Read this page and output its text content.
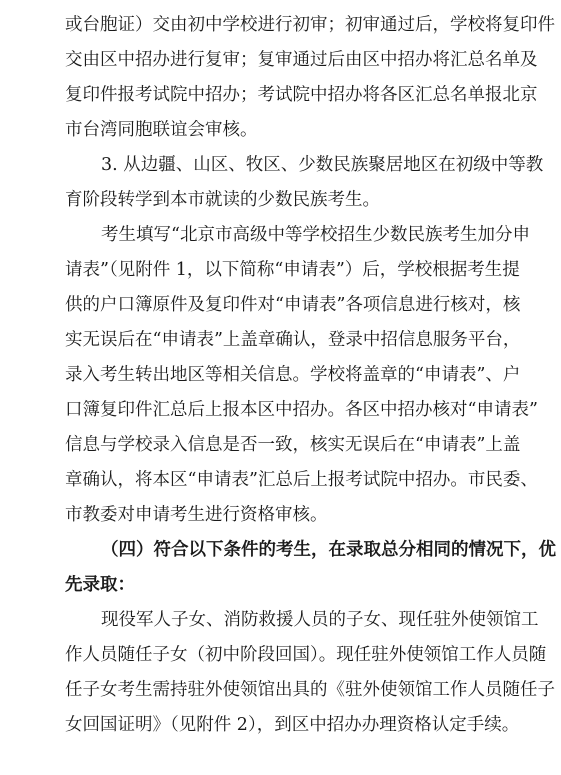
或台胞证）交由初中学校进行初审；初审通过后，学校将复印件
交由区中招办进行复审；复审通过后由区中招办将汇总名单及
复印件报考试院中招办；考试院中招办将各区汇总名单报北京
市台湾同胞联谊会审核。
3. 从边疆、山区、牧区、少数民族聚居地区在初级中等教
育阶段转学到本市就读的少数民族考生。
考生填写“北京市高级中等学校招生少数民族考生加分申
请表”（见附件 1，以下简称“申请表”）后，学校根据考生提
供的户口簿原件及复印件对“申请表”各项信息进行核对，核
实无误后在“申请表”上盖章确认，登录中招信息服务平台，
录入考生转出地区等相关信息。学校将盖章的“申请表”、户
口簿复印件汇总后上报本区中招办。各区中招办核对“申请表”
信息与学校录入信息是否一致，核实无误后在“申请表”上盖
章确认，将本区“申请表”汇总后上报考试院中招办。市民委、
市教委对申请考生进行资格审核。
（四）符合以下条件的考生，在录取总分相同的情况下，优
先录取：
现役军人子女、消防救援人员的子女、现任驻外使领馆工
作人员随任子女（初中阶段回国）。现任驻外使领馆工作人员随
任子女考生需持驻外使领馆出具的《驻外使领馆工作人员随任子
女回国证明》（见附件 2），到区中招办办理资格认定手续。
